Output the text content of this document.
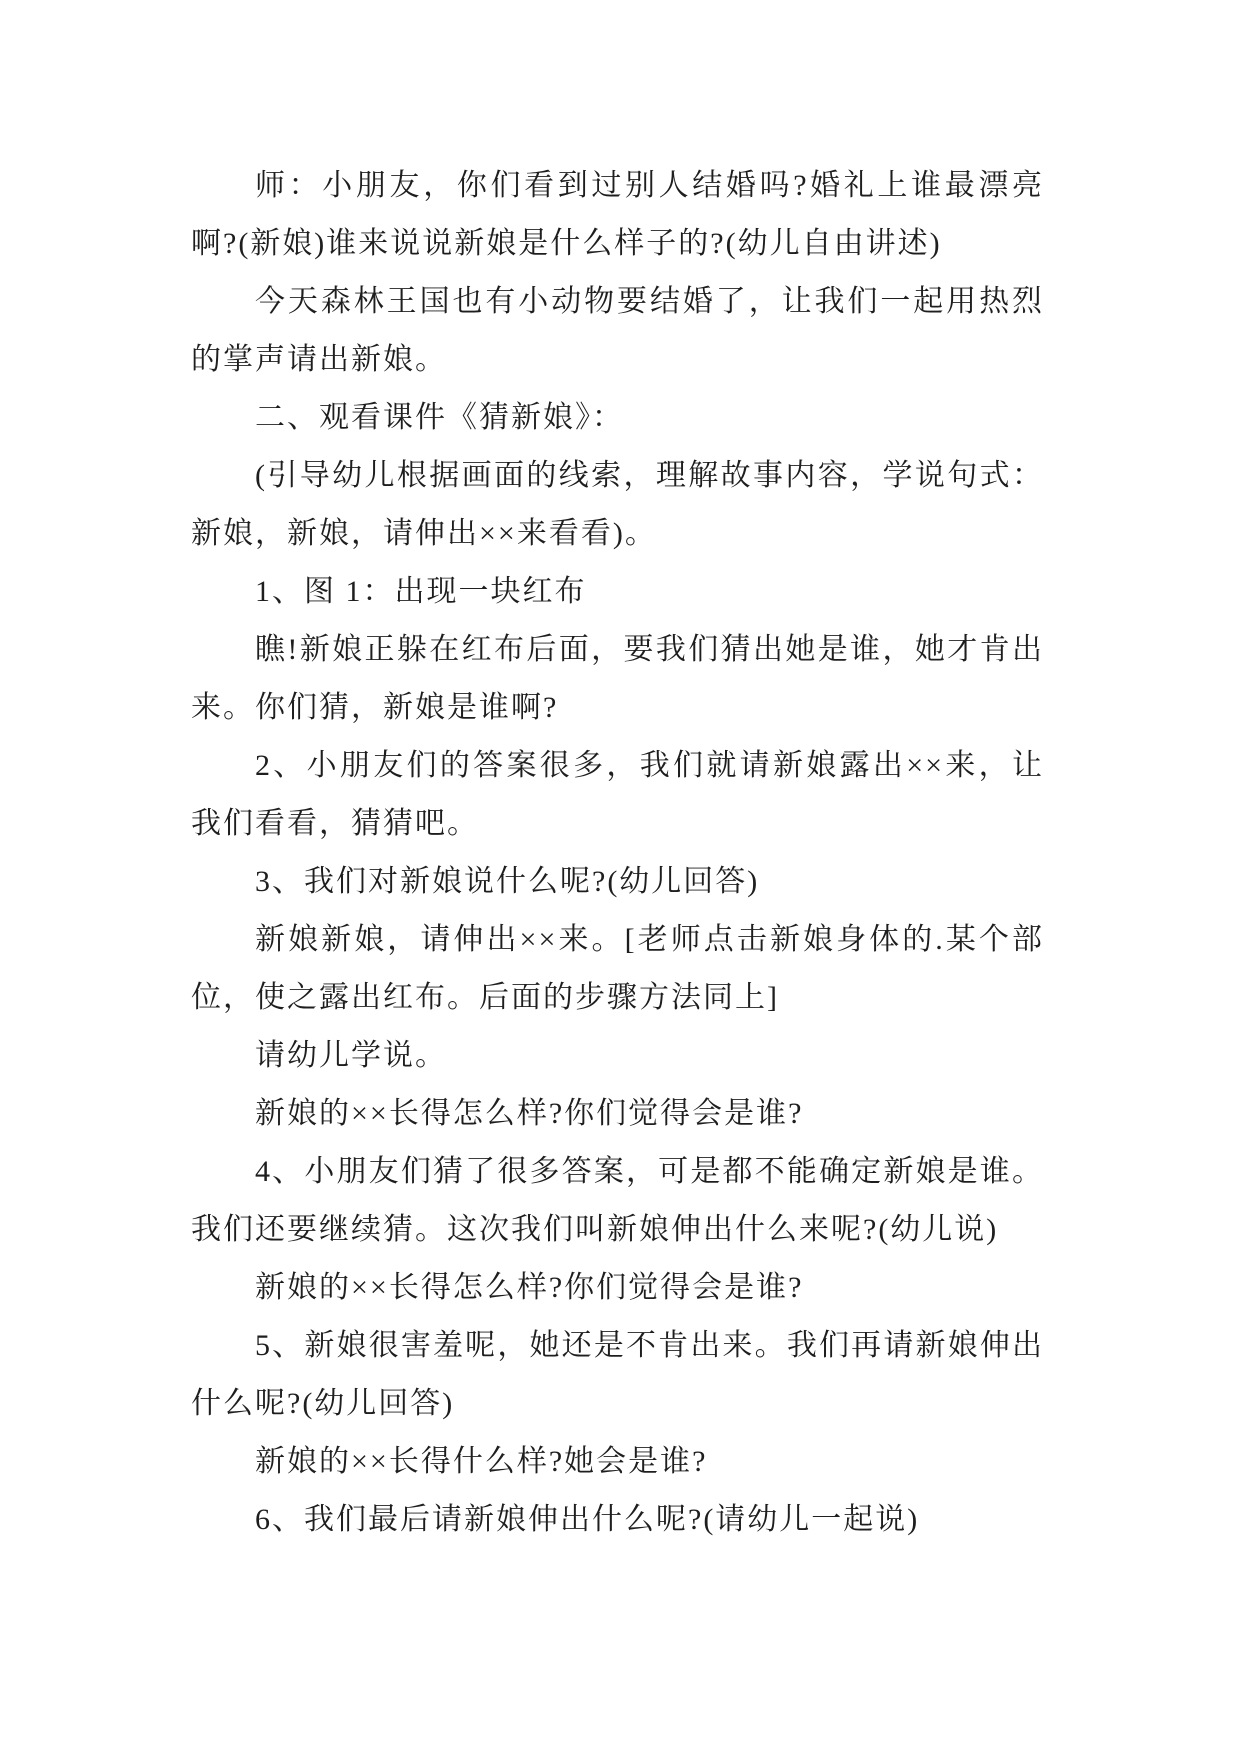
师：小朋友，你们看到过别人结婚吗?婚礼上谁最漂亮啊?(新娘)谁来说说新娘是什么样子的?(幼儿自由讲述)

今天森林王国也有小动物要结婚了，让我们一起用热烈的掌声请出新娘。

二、观看课件《猜新娘》：

(引导幼儿根据画面的线索，理解故事内容，学说句式：新娘，新娘，请伸出××来看看)。

1、图 1：出现一块红布

瞧!新娘正躲在红布后面，要我们猜出她是谁，她才肯出来。你们猜，新娘是谁啊?

2、小朋友们的答案很多，我们就请新娘露出××来，让我们看看，猜猜吧。

3、我们对新娘说什么呢?(幼儿回答)

新娘新娘，请伸出××来。[老师点击新娘身体的.某个部位，使之露出红布。后面的步骤方法同上]

请幼儿学说。

新娘的××长得怎么样?你们觉得会是谁?

4、小朋友们猜了很多答案，可是都不能确定新娘是谁。我们还要继续猜。这次我们叫新娘伸出什么来呢?(幼儿说)

新娘的××长得怎么样?你们觉得会是谁?

5、新娘很害羞呢，她还是不肯出来。我们再请新娘伸出什么呢?(幼儿回答)

新娘的××长得什么样?她会是谁?

6、我们最后请新娘伸出什么呢?(请幼儿一起说)
